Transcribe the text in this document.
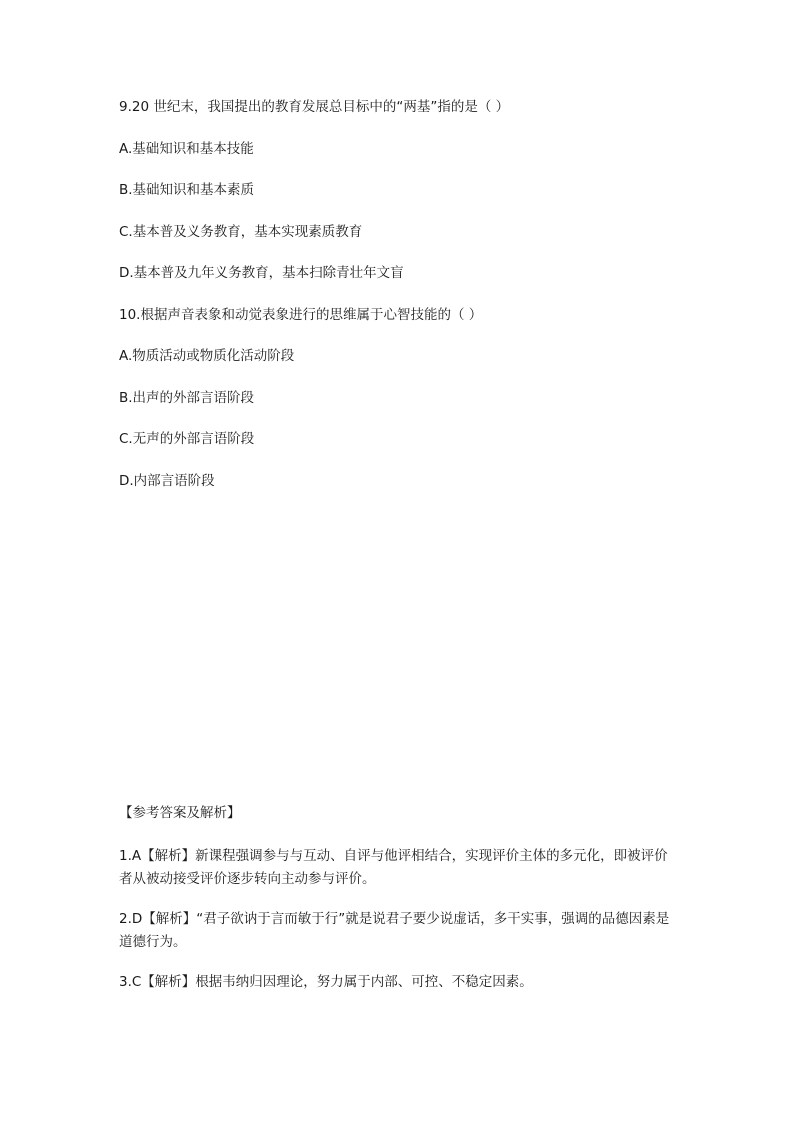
9.20 世纪末，我国提出的教育发展总目标中的“两基”指的是（ ）
A.基础知识和基本技能
B.基础知识和基本素质
C.基本普及义务教育，基本实现素质教育
D.基本普及九年义务教育，基本扫除青壮年文盲
10.根据声音表象和动觉表象进行的思维属于心智技能的（ ）
A.物质活动或物质化活动阶段
B.出声的外部言语阶段
C.无声的外部言语阶段
D.内部言语阶段
【参考答案及解析】
1.A【解析】新课程强调参与与互动、自评与他评相结合，实现评价主体的多元化，即被评价者从被动接受评价逐步转向主动参与评价。
2.D【解析】“君子欲讷于言而敏于行”就是说君子要少说虚话，多干实事，强调的品德因素是道德行为。
3.C【解析】根据韦纳归因理论，努力属于内部、可控、不稳定因素。
